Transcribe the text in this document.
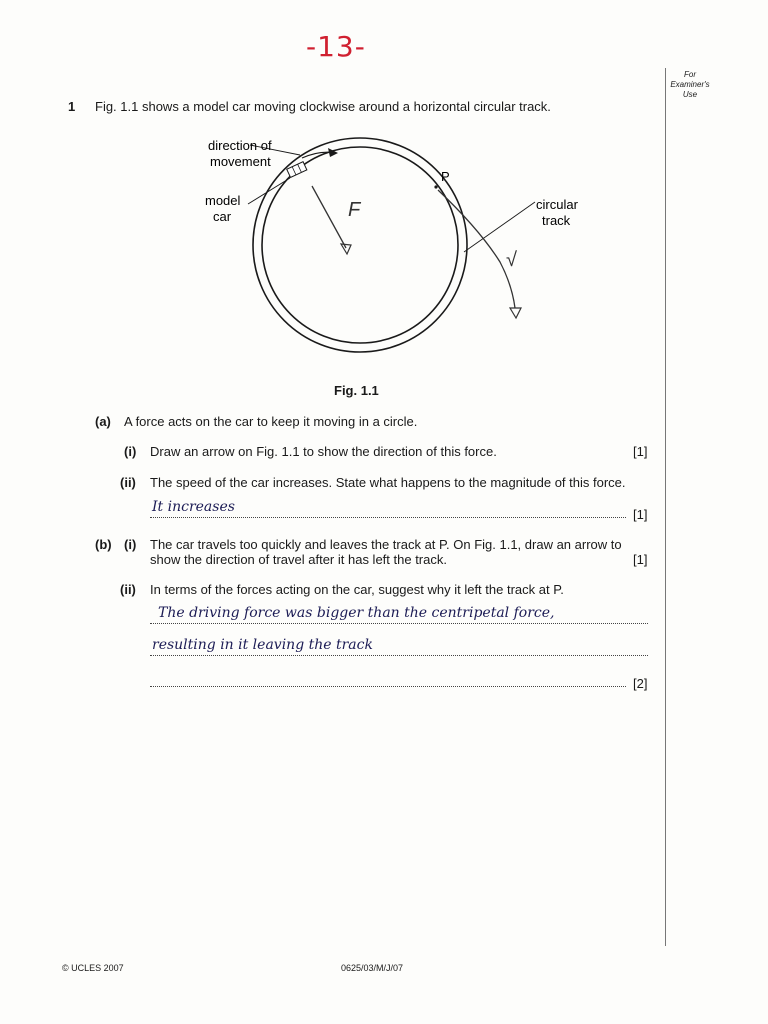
-13-
For Examiner's Use
1 Fig. 1.1 shows a model car moving clockwise around a horizontal circular track.
direction of
movement
model
car
circular
track
P
F
√
Fig. 1.1
(a) A force acts on the car to keep it moving in a circle.
(i) Draw an arrow on Fig. 1.1 to show the direction of this force.	[1]
(ii) The speed of the car increases. State what happens to the magnitude of this force.
It increases	[1]
(b) (i) The car travels too quickly and leaves the track at P. On Fig. 1.1, draw an arrow to
show the direction of travel after it has left the track.	[1]
(ii) In terms of the forces acting on the car, suggest why it left the track at P.
The driving force was bigger than the centripetal force,
resulting in it leaving the track
[2]
© UCLES 2007	0625/03/M/J/07
